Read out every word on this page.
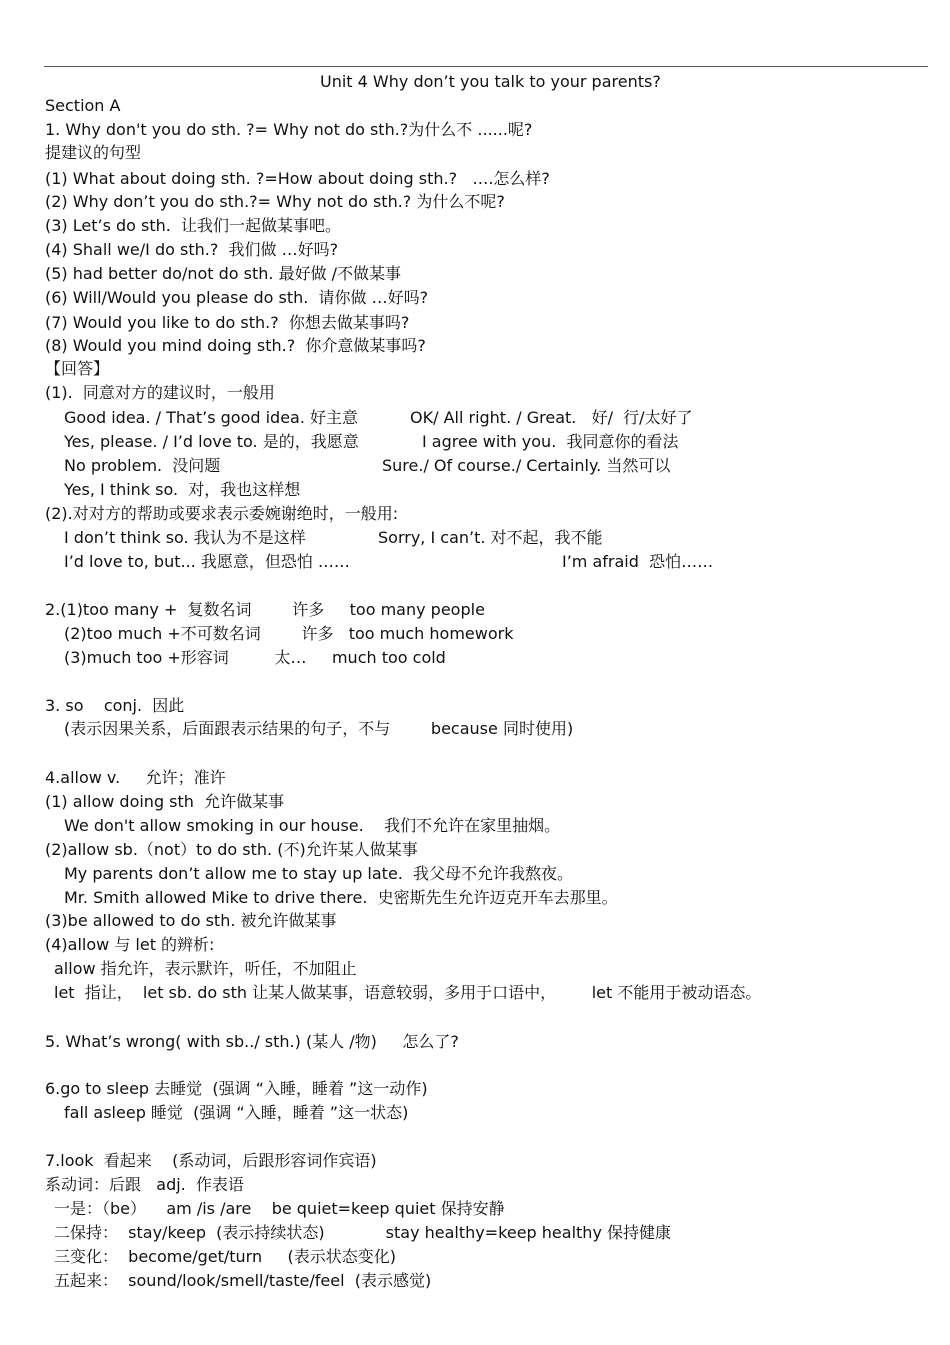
Unit 4 Why don’t you talk to your parents?
Section A
1. Why don't you do sth. ?= Why not do sth.?为什么不 ......呢?
提建议的句型
(1) What about doing sth. ?=How about doing sth.?   ….怎么样?
(2) Why don’t you do sth.?= Why not do sth.? 为什么不呢?
(3) Let’s do sth.  让我们一起做某事吧。
(4) Shall we/I do sth.?  我们做 …好吗?
(5) had better do/not do sth. 最好做 /不做某事
(6) Will/Would you please do sth.  请你做 …好吗?
(7) Would you like to do sth.?  你想去做某事吗?
(8) Would you mind doing sth.?  你介意做某事吗?
【回答】
(1).  同意对方的建议时，一般用
Good idea. / That’s good idea. 好主意	OK/ All right. / Great.   好/  行/太好了
Yes, please. / I’d love to. 是的，我愿意	I agree with you.  我同意你的看法
No problem.  没问题	Sure./ Of course./ Certainly. 当然可以
Yes, I think so.  对，我也这样想
(2).对对方的帮助或要求表示委婉谢绝时，一般用:
I don’t think so. 我认为不是这样	Sorry, I can’t. 对不起，我不能
I’d love to, but... 我愿意，但恐怕 ……	I’m afraid  恐怕……
2.(1)too many +  复数名词        许多     too many people
(2)too much +不可数名词        许多   too much homework
(3)much too +形容词         太…     much too cold
3. so    conj.  因此
(表示因果关系，后面跟表示结果的句子，不与        because 同时使用)
4.allow v.     允许；准许
(1) allow doing sth  允许做某事
We don't allow smoking in our house.    我们不允许在家里抽烟。
(2)allow sb.（not）to do sth. (不)允许某人做某事
My parents don’t allow me to stay up late.  我父母不允许我熬夜。
Mr. Smith allowed Mike to drive there.  史密斯先生允许迈克开车去那里。
(3)be allowed to do sth. 被允许做某事
(4)allow 与 let 的辨析:
allow 指允许，表示默许，听任，不加阻止
let  指让，  let sb. do sth 让某人做某事，语意较弱，多用于口语中，       let 不能用于被动语态。
5. What’s wrong( with sb../ sth.) (某人 /物)     怎么了?
6.go to sleep 去睡觉  (强调 “入睡，睡着 ”这一动作)
fall asleep 睡觉  (强调 “入睡，睡着 ”这一状态)
7.look  看起来    (系动词，后跟形容词作宾语)
系动词：后跟   adj.  作表语
一是：（be）    am /is /are    be quiet=keep quiet 保持安静
二保持：  stay/keep  (表示持续状态)            stay healthy=keep healthy 保持健康
三变化：  become/get/turn     (表示状态变化)
五起来：  sound/look/smell/taste/feel  (表示感觉)
